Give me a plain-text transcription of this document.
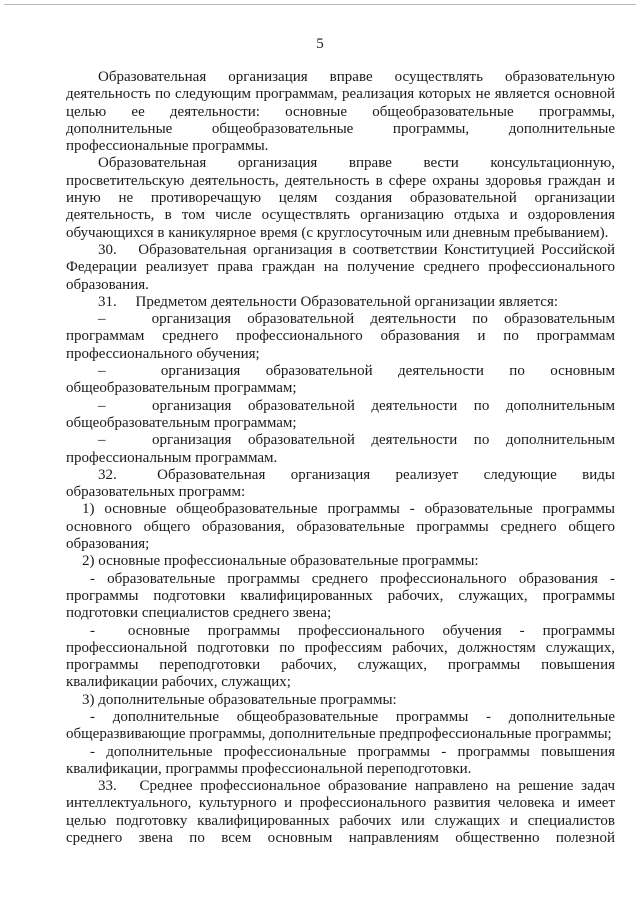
5

Образовательная организация вправе осуществлять образовательную деятельность по следующим программам, реализация которых не является основной целью ее деятельности: основные общеобразовательные программы, дополнительные общеобразовательные программы, дополнительные профессиональные программы.

Образовательная организация вправе вести консультационную, просветительскую деятельность, деятельность в сфере охраны здоровья граждан и иную не противоречащую целям создания образовательной организации деятельность, в том числе осуществлять организацию отдыха и оздоровления обучающихся в каникулярное время (с круглосуточным или дневным пребыванием).

30.  Образовательная организация в соответствии Конституцией Российской Федерации реализует права граждан на получение среднего профессионального образования.

31.  Предметом деятельности Образовательной организации является:

–   организация образовательной деятельности по образовательным программам среднего профессионального образования и по программам профессионального обучения;

–   организация образовательной деятельности по основным общеобразовательным программам;

–   организация образовательной деятельности по дополнительным общеобразовательным программам;

–   организация образовательной деятельности по дополнительным профессиональным программам.

32.  Образовательная организация реализует следующие виды образовательных программ:

1) основные общеобразовательные программы - образовательные программы основного общего образования, образовательные программы среднего общего образования;

2) основные профессиональные образовательные программы:

- образовательные программы среднего профессионального образования - программы подготовки квалифицированных рабочих, служащих, программы подготовки специалистов среднего звена;

-  основные программы профессионального обучения - программы профессиональной подготовки по профессиям рабочих, должностям служащих, программы переподготовки рабочих, служащих, программы повышения квалификации рабочих, служащих;

3) дополнительные образовательные программы:

- дополнительные общеобразовательные программы - дополнительные общеразвивающие программы, дополнительные предпрофессиональные программы;

- дополнительные профессиональные программы - программы повышения квалификации, программы профессиональной переподготовки.

33.  Среднее профессиональное образование направлено на решение задач интеллектуального, культурного и профессионального развития человека и имеет целью подготовку квалифицированных рабочих или служащих и специалистов среднего звена по всем основным направлениям общественно полезной
